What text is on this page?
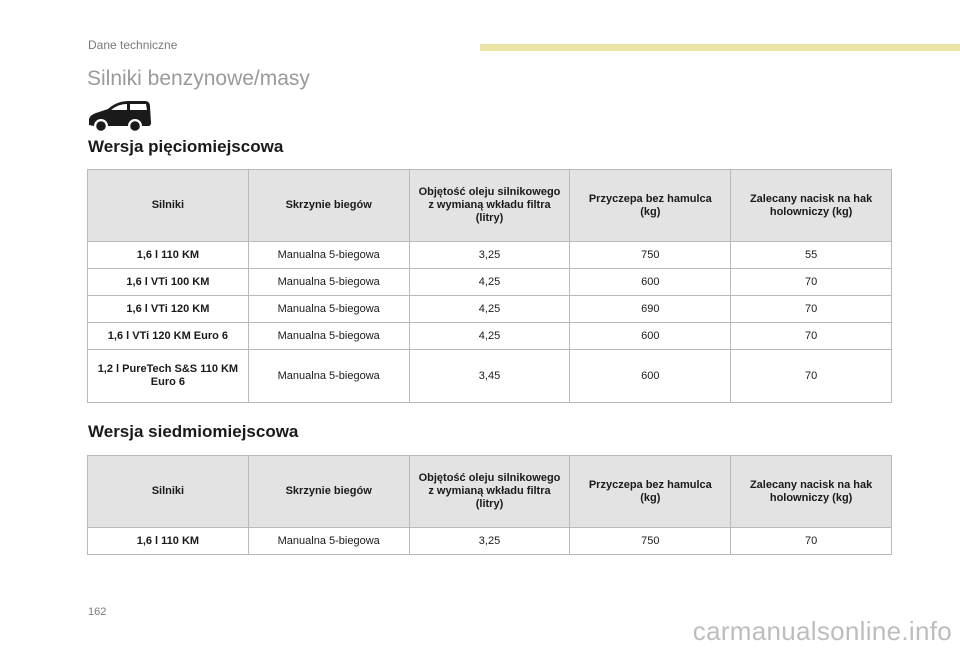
Dane techniczne
Silniki benzynowe/masy
Wersja pięciomiejscowa
Silniki	Skrzynie biegów	Objętość oleju silnikowego z wymianą wkładu filtra (litry)	Przyczepa bez hamulca (kg)	Zalecany nacisk na hak holowniczy (kg)
1,6 l 110 KM	Manualna 5-biegowa	3,25	750	55
1,6 l VTi 100 KM	Manualna 5-biegowa	4,25	600	70
1,6 l VTi 120 KM	Manualna 5-biegowa	4,25	690	70
1,6 l VTi 120 KM Euro 6	Manualna 5-biegowa	4,25	600	70
1,2 l PureTech S&S 110 KM Euro 6	Manualna 5-biegowa	3,45	600	70
Wersja siedmiomiejscowa
Silniki	Skrzynie biegów	Objętość oleju silnikowego z wymianą wkładu filtra (litry)	Przyczepa bez hamulca (kg)	Zalecany nacisk na hak holowniczy (kg)
1,6 l 110 KM	Manualna 5-biegowa	3,25	750	70
162
carmanualsonline.info
